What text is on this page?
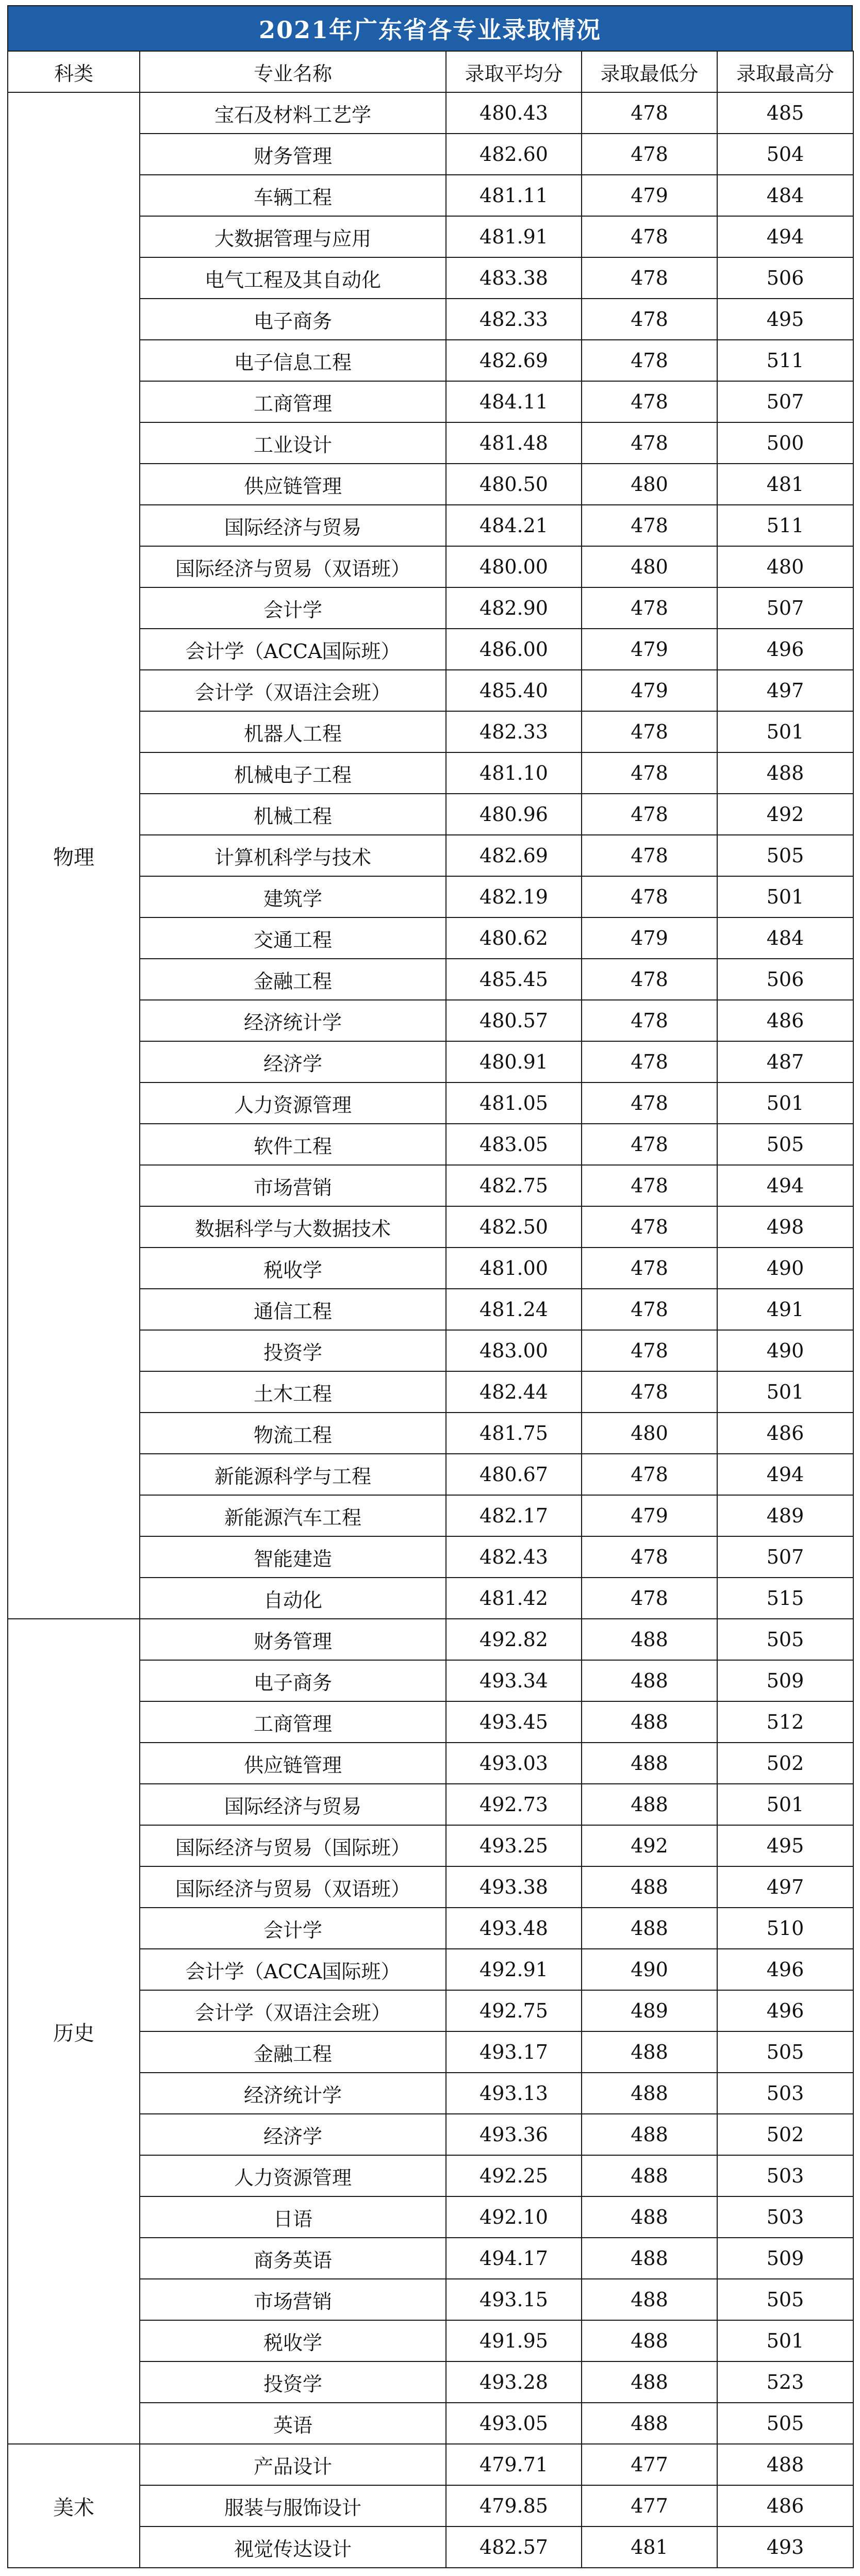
2021年广东省各专业录取情况
科类	专业名称	录取平均分	录取最低分	录取最高分
物理	宝石及材料工艺学	480.43	478	485
	财务管理	482.60	478	504
	车辆工程	481.11	479	484
	大数据管理与应用	481.91	478	494
	电气工程及其自动化	483.38	478	506
	电子商务	482.33	478	495
	电子信息工程	482.69	478	511
	工商管理	484.11	478	507
	工业设计	481.48	478	500
	供应链管理	480.50	480	481
	国际经济与贸易	484.21	478	511
	国际经济与贸易（双语班）	480.00	480	480
	会计学	482.90	478	507
	会计学（ACCA国际班）	486.00	479	496
	会计学（双语注会班）	485.40	479	497
	机器人工程	482.33	478	501
	机械电子工程	481.10	478	488
	机械工程	480.96	478	492
	计算机科学与技术	482.69	478	505
	建筑学	482.19	478	501
	交通工程	480.62	479	484
	金融工程	485.45	478	506
	经济统计学	480.57	478	486
	经济学	480.91	478	487
	人力资源管理	481.05	478	501
	软件工程	483.05	478	505
	市场营销	482.75	478	494
	数据科学与大数据技术	482.50	478	498
	税收学	481.00	478	490
	通信工程	481.24	478	491
	投资学	483.00	478	490
	土木工程	482.44	478	501
	物流工程	481.75	480	486
	新能源科学与工程	480.67	478	494
	新能源汽车工程	482.17	479	489
	智能建造	482.43	478	507
	自动化	481.42	478	515
历史	财务管理	492.82	488	505
	电子商务	493.34	488	509
	工商管理	493.45	488	512
	供应链管理	493.03	488	502
	国际经济与贸易	492.73	488	501
	国际经济与贸易（国际班）	493.25	492	495
	国际经济与贸易（双语班）	493.38	488	497
	会计学	493.48	488	510
	会计学（ACCA国际班）	492.91	490	496
	会计学（双语注会班）	492.75	489	496
	金融工程	493.17	488	505
	经济统计学	493.13	488	503
	经济学	493.36	488	502
	人力资源管理	492.25	488	503
	日语	492.10	488	503
	商务英语	494.17	488	509
	市场营销	493.15	488	505
	税收学	491.95	488	501
	投资学	493.28	488	523
	英语	493.05	488	505
美术	产品设计	479.71	477	488
	服装与服饰设计	479.85	477	486
	视觉传达设计	482.57	481	493
